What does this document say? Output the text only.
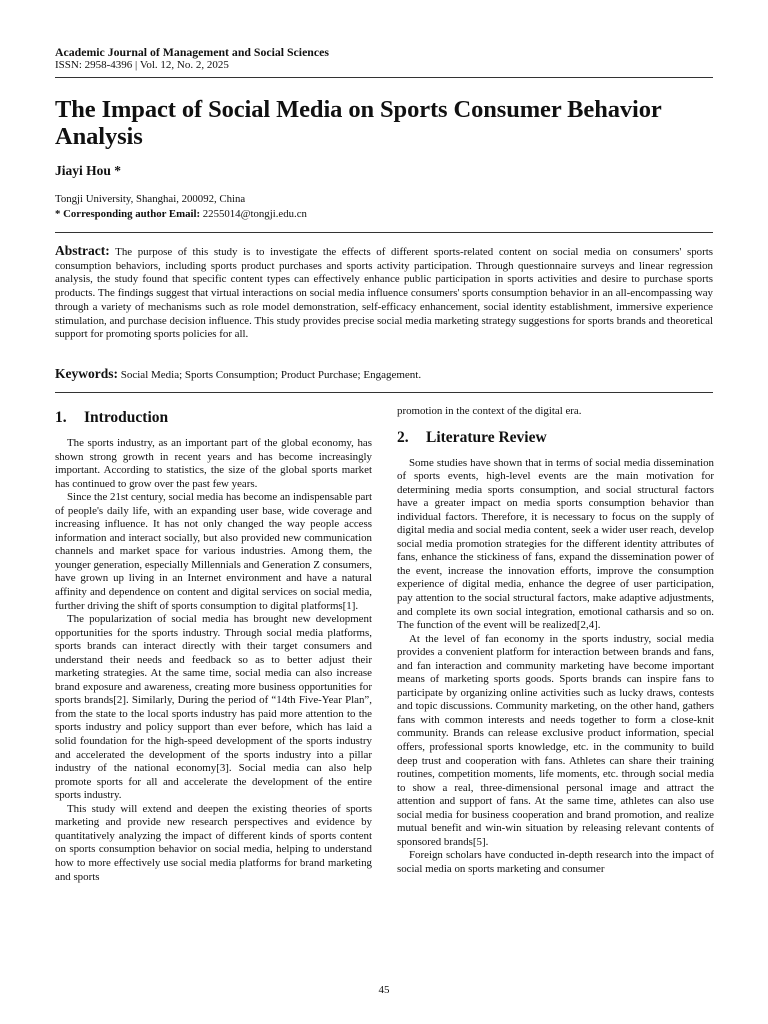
Academic Journal of Management and Social Sciences
ISSN: 2958-4396 | Vol. 12, No. 2, 2025
The Impact of Social Media on Sports Consumer Behavior Analysis
Jiayi Hou *
Tongji University, Shanghai, 200092, China
* Corresponding author Email: 2255014@tongji.edu.cn
Abstract: The purpose of this study is to investigate the effects of different sports-related content on social media on consumers' sports consumption behaviors, including sports product purchases and sports activity participation. Through questionnaire surveys and linear regression analysis, the study found that specific content types can effectively enhance public participation in sports activities and desire to purchase sports products. The findings suggest that virtual interactions on social media influence consumers' sports consumption behavior in an all-encompassing way through a variety of mechanisms such as role model demonstration, self-efficacy enhancement, social identity establishment, immersive experience stimulation, and purchase decision influence. This study provides precise social media marketing strategy suggestions for sports brands and theoretical support for promoting sports policies for all.
Keywords: Social Media; Sports Consumption; Product Purchase; Engagement.
1. Introduction

The sports industry, as an important part of the global economy, has shown strong growth in recent years and has become increasingly important. According to statistics, the size of the global sports market has continued to grow over the past few years.

Since the 21st century, social media has become an indispensable part of people's daily life, with an expanding user base, wide coverage and increasing influence. It has not only changed the way people access information and interact socially, but also provided new communication channels and market space for various industries. Among them, the younger generation, especially Millennials and Generation Z consumers, have grown up living in an Internet environment and have a natural affinity and dependence on content and digital services on social media, further driving the shift of sports consumption to digital platforms[1].

The popularization of social media has brought new development opportunities for the sports industry. Through social media platforms, sports brands can interact directly with their target consumers and understand their needs and feedback so as to better adjust their marketing strategies. At the same time, social media can also increase brand exposure and awareness, creating more business opportunities for sports brands[2]. Similarly, During the period of “14th Five-Year Plan”, from the state to the local sports industry has paid more attention to the sports industry and policy support than ever before, which has laid a solid foundation for the high-speed development of the sports industry and accelerated the development of the sports industry into a pillar industry of the national economy[3]. Social media can also help promote sports for all and accelerate the development of the entire sports industry.

This study will extend and deepen the existing theories of sports marketing and provide new research perspectives and evidence by quantitatively analyzing the impact of different kinds of sports content on sports consumption behavior on social media, helping to understand how to more effectively use social media platforms for brand marketing and sports

promotion in the context of the digital era.

2. Literature Review

Some studies have shown that in terms of social media dissemination of sports events, high-level events are the main motivation for determining media sports consumption, and social structural factors have a greater impact on media sports consumption behavior than individual factors. Therefore, it is necessary to focus on the supply of digital media and social media content, seek a wider user reach, develop social media promotion strategies for the different identity attributes of fans, enhance the stickiness of fans, expand the dissemination power of the event, increase the innovation efforts, improve the consumption experience of digital media, enhance the degree of user participation, pay attention to the social structural factors, make adaptive adjustments, and complete its own social integration, emotional catharsis and so on. The function of the event will be realized[2,4].

At the level of fan economy in the sports industry, social media provides a convenient platform for interaction between brands and fans, and fan interaction and community marketing have become important means of marketing sports goods. Sports brands can inspire fans to participate by organizing online activities such as lucky draws, contests and topic discussions. Community marketing, on the other hand, gathers fans with common interests and needs together to form a close-knit community. Brands can release exclusive product information, special offers, professional sports knowledge, etc. in the community to build deep trust and cooperation with fans. Athletes can share their training routines, competition moments, life moments, etc. through social media to show a real, three-dimensional personal image and attract the attention and support of fans. At the same time, athletes can also use social media for business cooperation and brand promotion, and realize mutual benefit and win-win situation by releasing relevant contents of sponsored brands[5].

Foreign scholars have conducted in-depth research into the impact of social media on sports marketing and consumer

45
